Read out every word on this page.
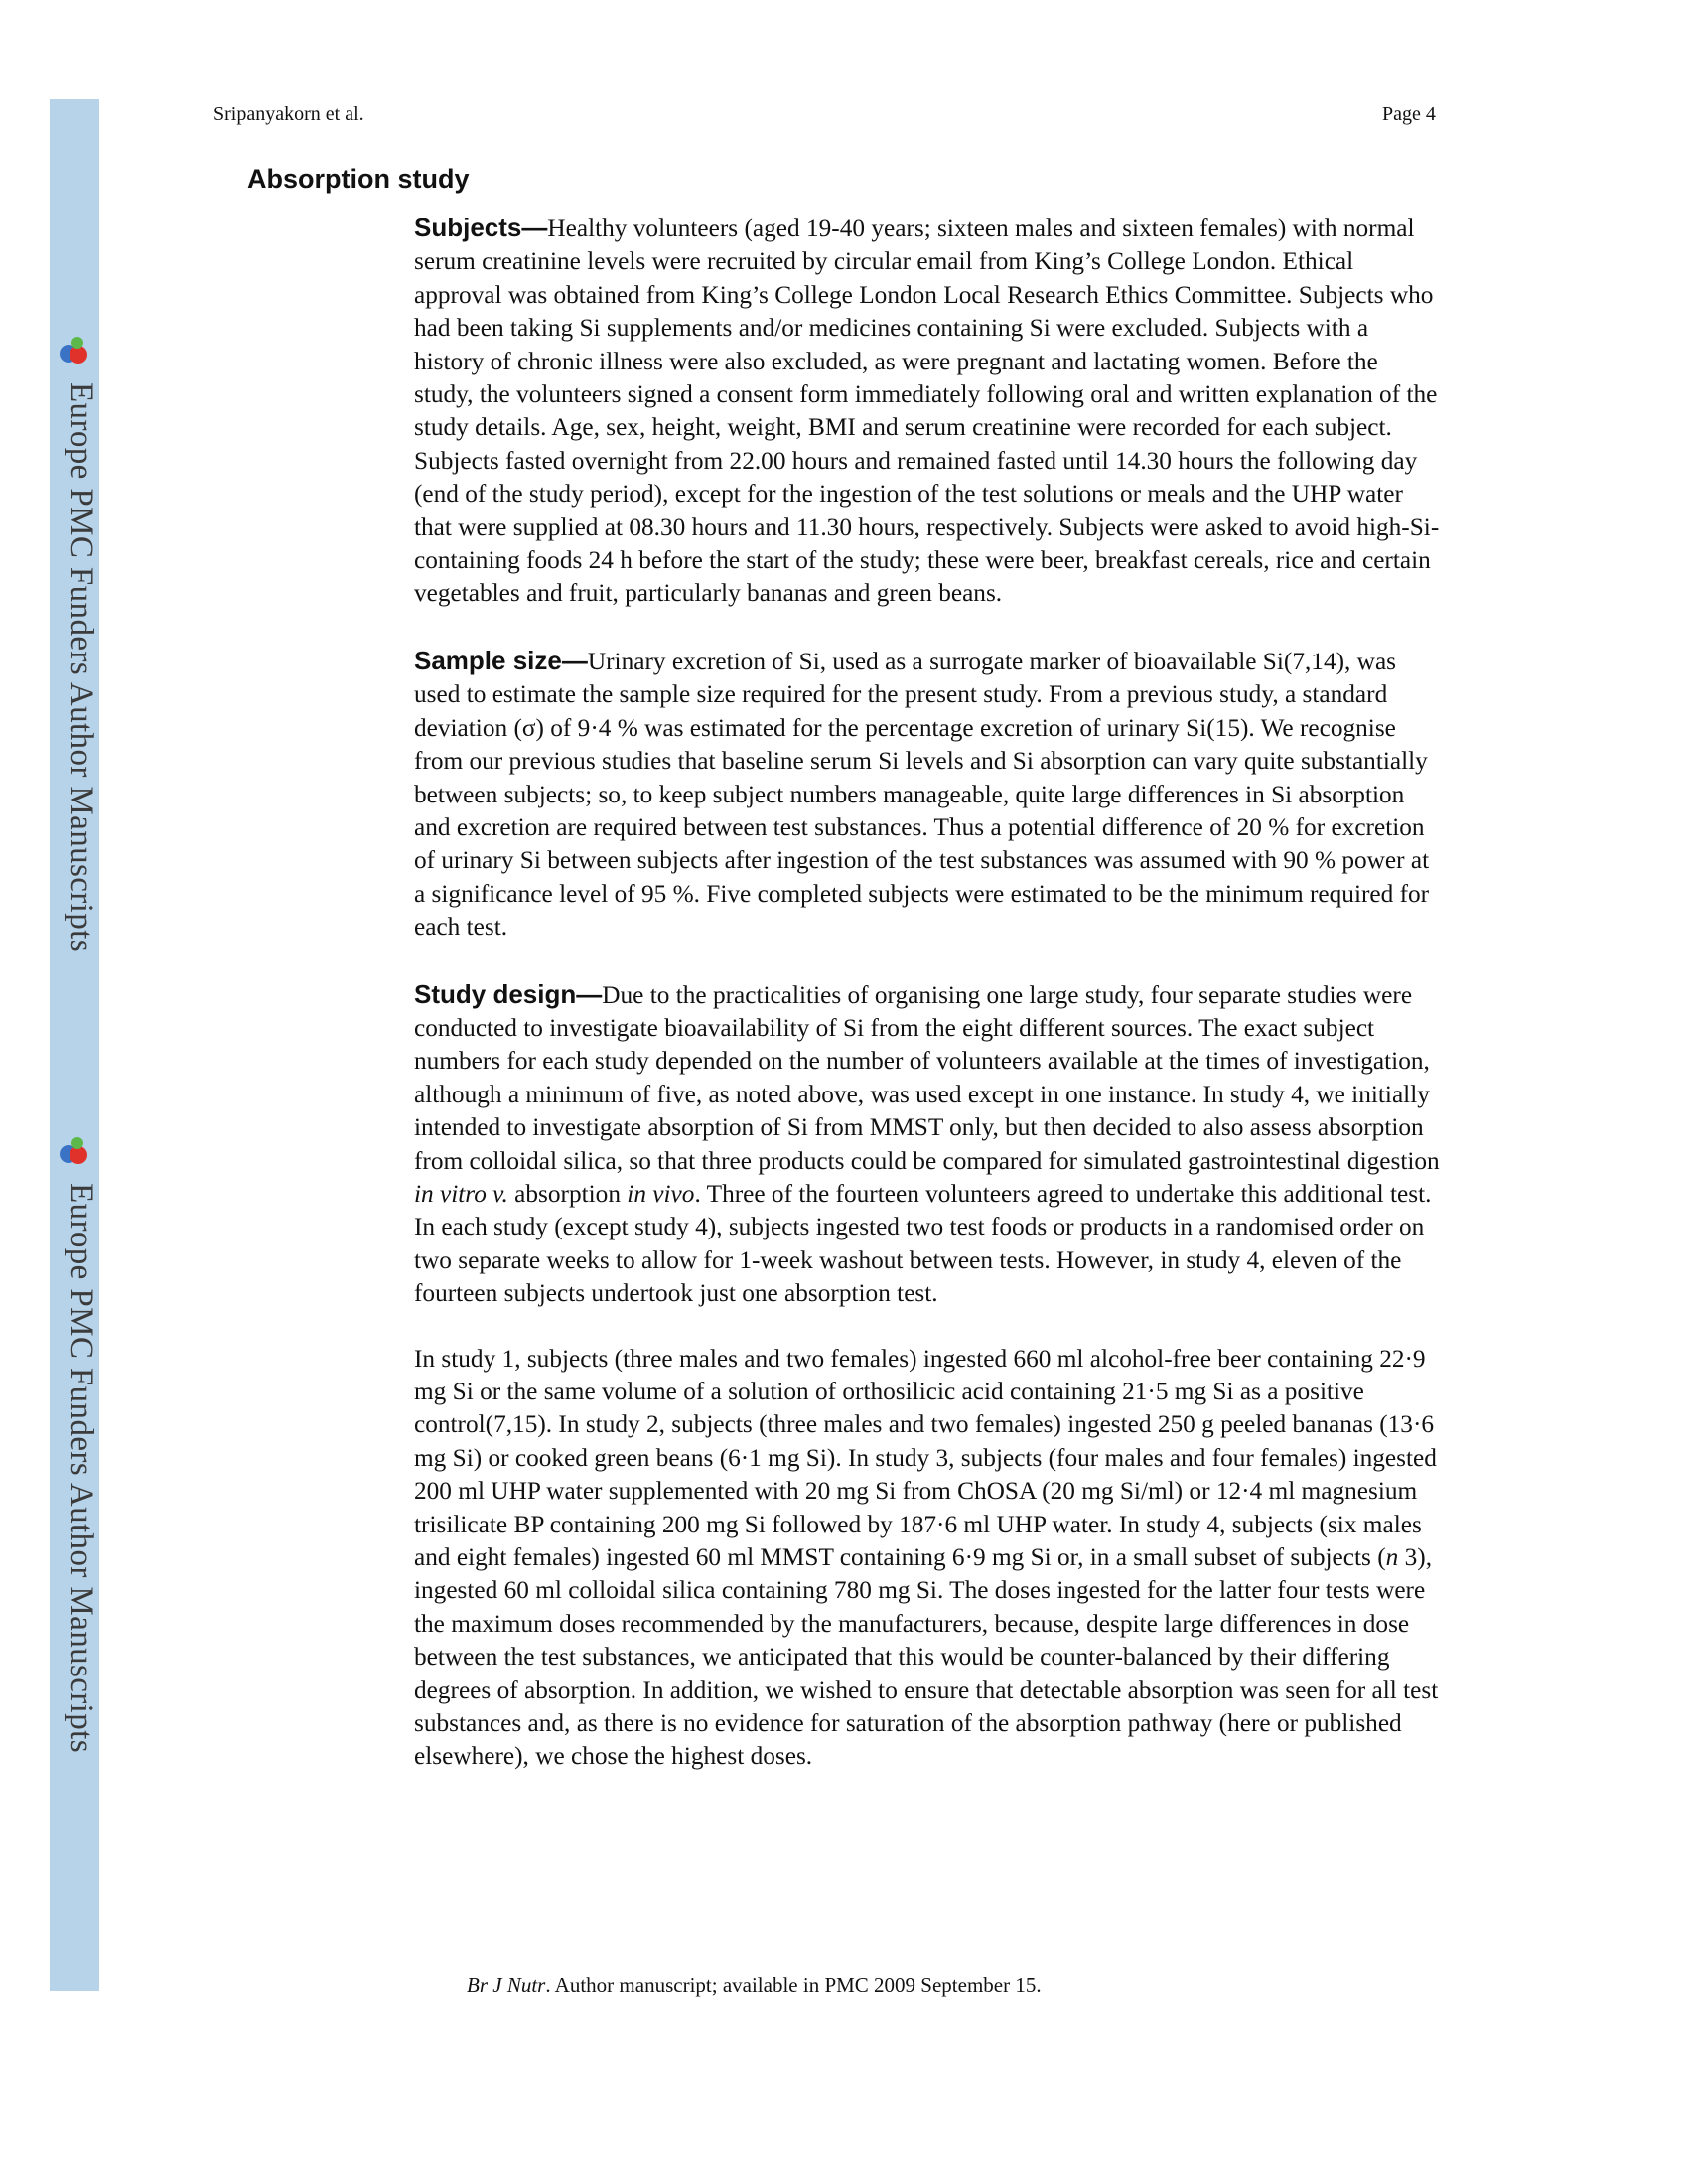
Europe PMC Funders Author Manuscripts
Europe PMC Funders Author Manuscripts
Sripanyakorn et al.	Page 4
Absorption study

Subjects—Healthy volunteers (aged 19-40 years; sixteen males and sixteen females) with normal serum creatinine levels were recruited by circular email from King’s College London. Ethical approval was obtained from King’s College London Local Research Ethics Committee. Subjects who had been taking Si supplements and/or medicines containing Si were excluded. Subjects with a history of chronic illness were also excluded, as were pregnant and lactating women. Before the study, the volunteers signed a consent form immediately following oral and written explanation of the study details. Age, sex, height, weight, BMI and serum creatinine were recorded for each subject. Subjects fasted overnight from 22.00 hours and remained fasted until 14.30 hours the following day (end of the study period), except for the ingestion of the test solutions or meals and the UHP water that were supplied at 08.30 hours and 11.30 hours, respectively. Subjects were asked to avoid high-Si-containing foods 24 h before the start of the study; these were beer, breakfast cereals, rice and certain vegetables and fruit, particularly bananas and green beans.

Sample size—Urinary excretion of Si, used as a surrogate marker of bioavailable Si(7,14), was used to estimate the sample size required for the present study. From a previous study, a standard deviation (σ) of 9·4 % was estimated for the percentage excretion of urinary Si(15). We recognise from our previous studies that baseline serum Si levels and Si absorption can vary quite substantially between subjects; so, to keep subject numbers manageable, quite large differences in Si absorption and excretion are required between test substances. Thus a potential difference of 20 % for excretion of urinary Si between subjects after ingestion of the test substances was assumed with 90 % power at a significance level of 95 %. Five completed subjects were estimated to be the minimum required for each test.

Study design—Due to the practicalities of organising one large study, four separate studies were conducted to investigate bioavailability of Si from the eight different sources. The exact subject numbers for each study depended on the number of volunteers available at the times of investigation, although a minimum of five, as noted above, was used except in one instance. In study 4, we initially intended to investigate absorption of Si from MMST only, but then decided to also assess absorption from colloidal silica, so that three products could be compared for simulated gastrointestinal digestion in vitro v. absorption in vivo. Three of the fourteen volunteers agreed to undertake this additional test. In each study (except study 4), subjects ingested two test foods or products in a randomised order on two separate weeks to allow for 1-week washout between tests. However, in study 4, eleven of the fourteen subjects undertook just one absorption test.

In study 1, subjects (three males and two females) ingested 660 ml alcohol-free beer containing 22·9 mg Si or the same volume of a solution of orthosilicic acid containing 21·5 mg Si as a positive control(7,15). In study 2, subjects (three males and two females) ingested 250 g peeled bananas (13·6 mg Si) or cooked green beans (6·1 mg Si). In study 3, subjects (four males and four females) ingested 200 ml UHP water supplemented with 20 mg Si from ChOSA (20 mg Si/ml) or 12·4 ml magnesium trisilicate BP containing 200 mg Si followed by 187·6 ml UHP water. In study 4, subjects (six males and eight females) ingested 60 ml MMST containing 6·9 mg Si or, in a small subset of subjects (n 3), ingested 60 ml colloidal silica containing 780 mg Si. The doses ingested for the latter four tests were the maximum doses recommended by the manufacturers, because, despite large differences in dose between the test substances, we anticipated that this would be counter-balanced by their differing degrees of absorption. In addition, we wished to ensure that detectable absorption was seen for all test substances and, as there is no evidence for saturation of the absorption pathway (here or published elsewhere), we chose the highest doses.

Br J Nutr. Author manuscript; available in PMC 2009 September 15.
